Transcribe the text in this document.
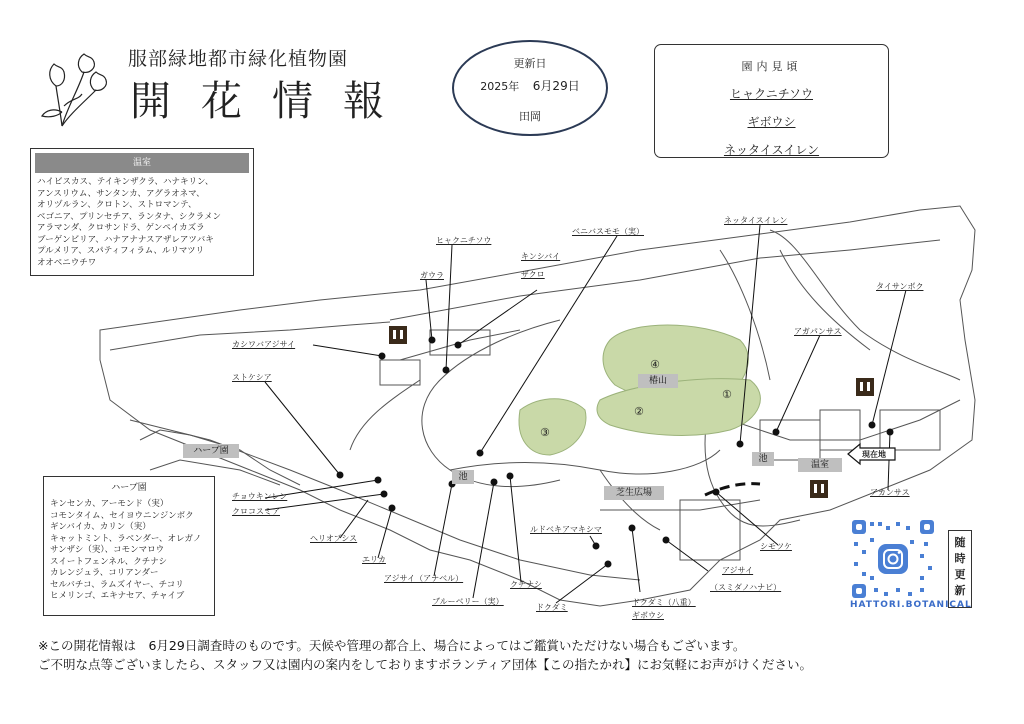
服部緑地都市緑化植物園
開花情報
更新日
2025年 6月29日
田岡
園内見頃
ヒャクニチソウ
ギボウシ
ネッタイスイレン
ハーブ園
椿山
芝生広場
温室
池
池	現在地
④
②
③
①
ヒャクニチソウ
キンシバイ
ザクロ
ガウラ
ベニバスモモ（実）
ネッタイスイレン
タイサンボク
アガパンサス
カシワバアジサイ
ストケシア
チョウキンレン
クロコスミア
ヘリオプシス
エリカ
アジサイ（アナベル）
ブルーベリー（実）
クチナシ
ドクダミ
ルドベキアマキシマ
ドクダミ（八重）
ギボウシ
アジサイ
（スミダノハナビ）
シモツケ
アカンサス
温室
ハイビスカス、テイキンザクラ、ハナキリン、
アンスリウム、サンタンカ、アグラオネマ、
オリヅルラン、クロトン、ストロマンテ、
ベゴニア、プリンセチア、ランタナ、シクラメン
アラマンダ、クロサンドラ、ゲンペイカズラ
ブーゲンビリア、ハナアナナスアザレアツバキ
プルメリア、スパティフィラム、ルリマツリ
オオベニウチワ
ハーブ園
キンセンカ、アーモンド（実）
コモンタイム、セイヨウニンジンボク
ギンバイカ、カリン（実）
キャットミント、ラベンダー、オレガノ
サンザシ（実）、コモンマロウ
スイートフェンネル、クチナシ
カレンジュラ、コリアンダー
セルバチコ、ラムズイヤー、チコリ
ヒメリンゴ、エキナセア、チャイブ
HATTORI.BOTANICAL
随
時
更
新
※この開花情報は　6月29日調査時のものです。天候や管理の都合上、場合によってはご鑑賞いただけない場合もございます。
ご不明な点等ございましたら、スタッフ又は園内の案内をしておりますボランティア団体【この指たかれ】にお気軽にお声がけください。
